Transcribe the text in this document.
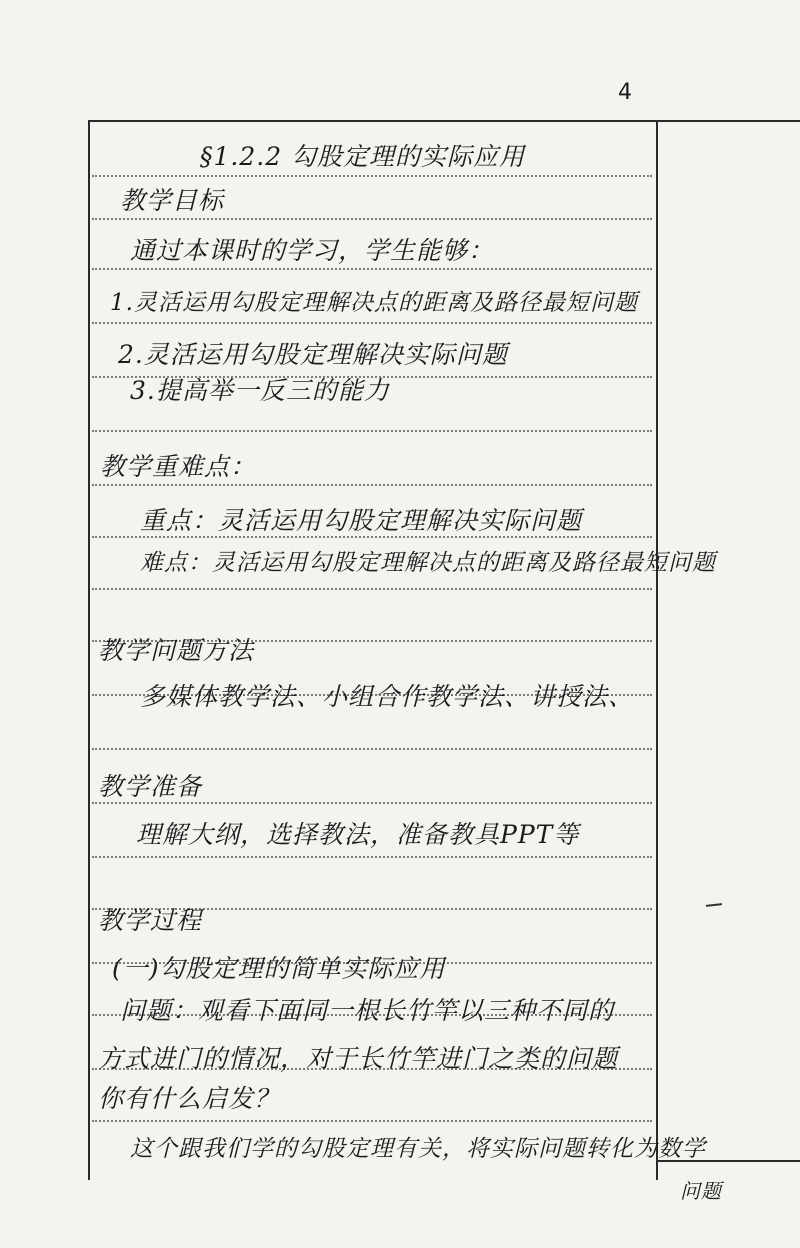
4
§1.2.2 勾股定理的实际应用
教学目标
通过本课时的学习，学生能够：
1.灵活运用勾股定理解决点的距离及路径最短问题
2.灵活运用勾股定理解决实际问题
3.提高举一反三的能力
教学重难点：
重点：灵活运用勾股定理解决实际问题
难点：灵活运用勾股定理解决点的距离及路径最短问题
教学问题方法
多媒体教学法、小组合作教学法、讲授法、
教学准备
理解大纲，选择教法，准备教具PPT等
教学过程
(一)勾股定理的简单实际应用
问题：观看下面同一根长竹竿以三种不同的
方式进门的情况，对于长竹竿进门之类的问题
你有什么启发？
这个跟我们学的勾股定理有关，将实际问题转化为数学
问题
